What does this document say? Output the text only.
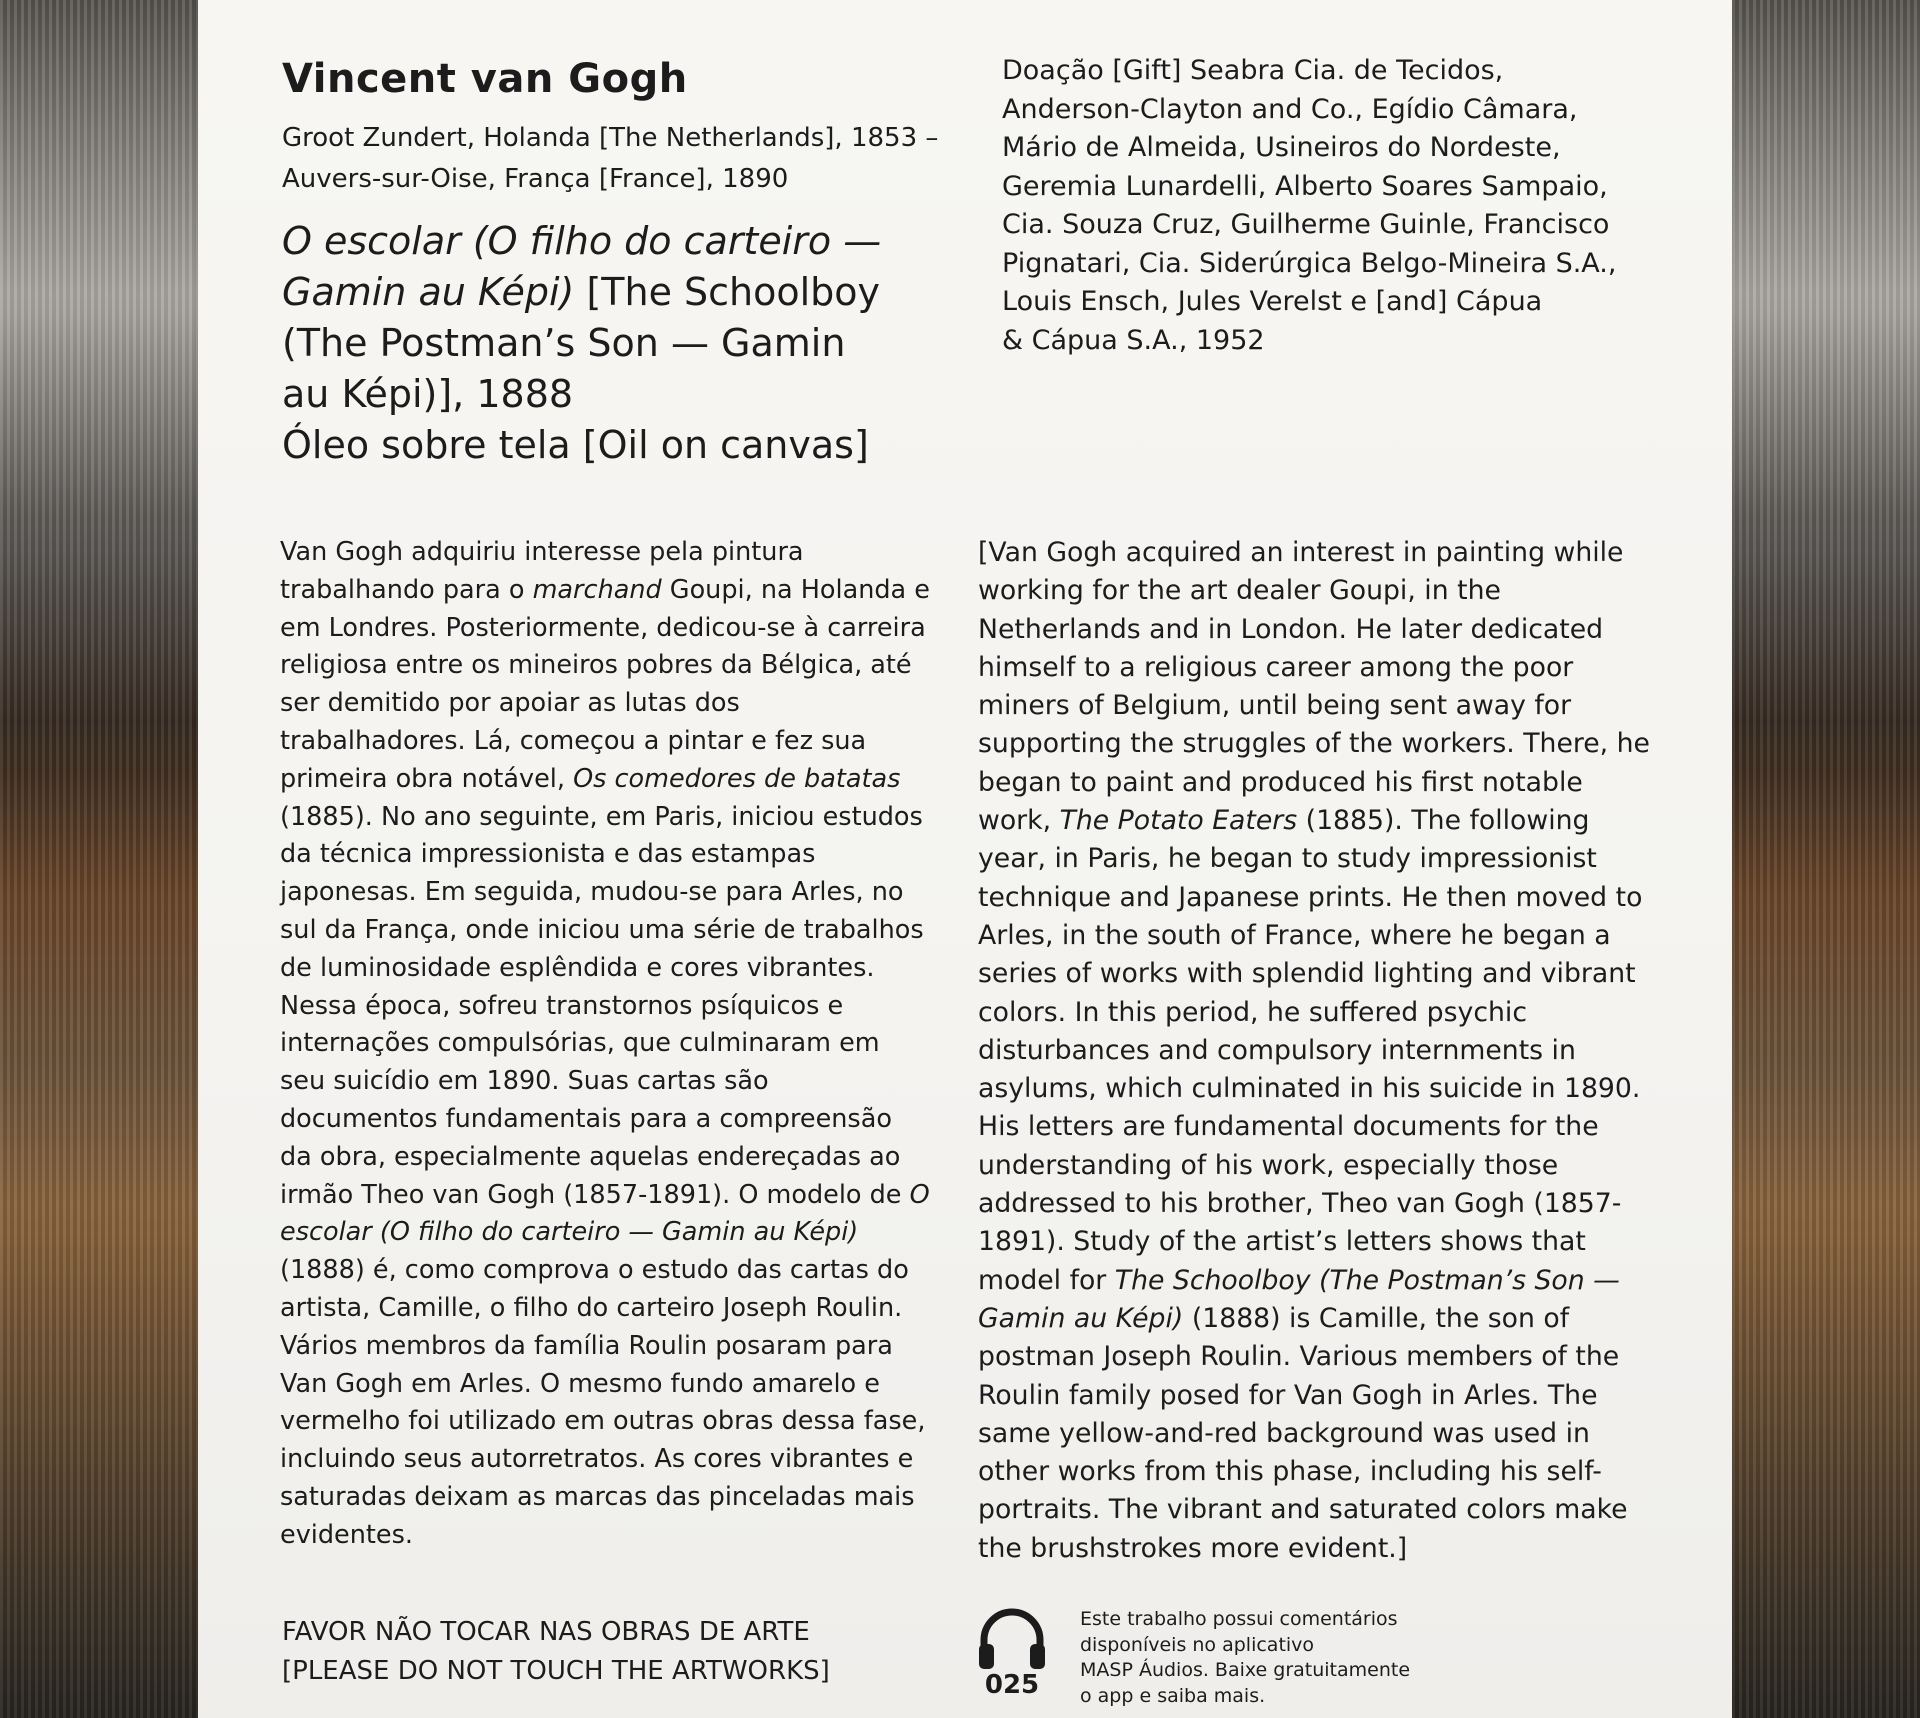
Vincent van Gogh
Groot Zundert, Holanda [The Netherlands], 1853 –
Auvers-sur-Oise, França [France], 1890
O escolar (O filho do carteiro —
Gamin au Képi) [The Schoolboy
(The Postman’s Son — Gamin
au Képi)], 1888
Óleo sobre tela [Oil on canvas]
Doação [Gift] Seabra Cia. de Tecidos,
Anderson-Clayton and Co., Egídio Câmara,
Mário de Almeida, Usineiros do Nordeste,
Geremia Lunardelli, Alberto Soares Sampaio,
Cia. Souza Cruz, Guilherme Guinle, Francisco
Pignatari, Cia. Siderúrgica Belgo-Mineira S.A.,
Louis Ensch, Jules Verelst e [and] Cápua
& Cápua S.A., 1952
Van Gogh adquiriu interesse pela pintura trabalhando para o marchand Goupi, na Holanda e em Londres. Posteriormente, dedicou-se à carreira religiosa entre os mineiros pobres da Bélgica, até ser demitido por apoiar as lutas dos trabalhadores. Lá, começou a pintar e fez sua primeira obra notável, Os comedores de batatas (1885). No ano seguinte, em Paris, iniciou estudos da técnica impressionista e das estampas japonesas. Em seguida, mudou-se para Arles, no sul da França, onde iniciou uma série de trabalhos de luminosidade esplêndida e cores vibrantes. Nessa época, sofreu transtornos psíquicos e internações compulsórias, que culminaram em seu suicídio em 1890. Suas cartas são documentos fundamentais para a compreensão da obra, especialmente aquelas endereçadas ao irmão Theo van Gogh (1857-1891). O modelo de O escolar (O filho do carteiro — Gamin au Képi) (1888) é, como comprova o estudo das cartas do artista, Camille, o filho do carteiro Joseph Roulin. Vários membros da família Roulin posaram para Van Gogh em Arles. O mesmo fundo amarelo e vermelho foi utilizado em outras obras dessa fase, incluindo seus autorretratos. As cores vibrantes e saturadas deixam as marcas das pinceladas mais evidentes.
[Van Gogh acquired an interest in painting while working for the art dealer Goupi, in the Netherlands and in London. He later dedicated himself to a religious career among the poor miners of Belgium, until being sent away for supporting the struggles of the workers. There, he began to paint and produced his first notable work, The Potato Eaters (1885). The following year, in Paris, he began to study impressionist technique and Japanese prints. He then moved to Arles, in the south of France, where he began a series of works with splendid lighting and vibrant colors. In this period, he suffered psychic disturbances and compulsory internments in asylums, which culminated in his suicide in 1890. His letters are fundamental documents for the understanding of his work, especially those addressed to his brother, Theo van Gogh (1857-1891). Study of the artist’s letters shows that model for The Schoolboy (The Postman’s Son — Gamin au Képi) (1888) is Camille, the son of postman Joseph Roulin. Various members of the Roulin family posed for Van Gogh in Arles. The same yellow-and-red background was used in other works from this phase, including his self-portraits. The vibrant and saturated colors make the brushstrokes more evident.]
FAVOR NÃO TOCAR NAS OBRAS DE ARTE
[PLEASE DO NOT TOUCH THE ARTWORKS]	025
Este trabalho possui comentários
disponíveis no aplicativo
MASP Áudios. Baixe gratuitamente
o app e saiba mais.
